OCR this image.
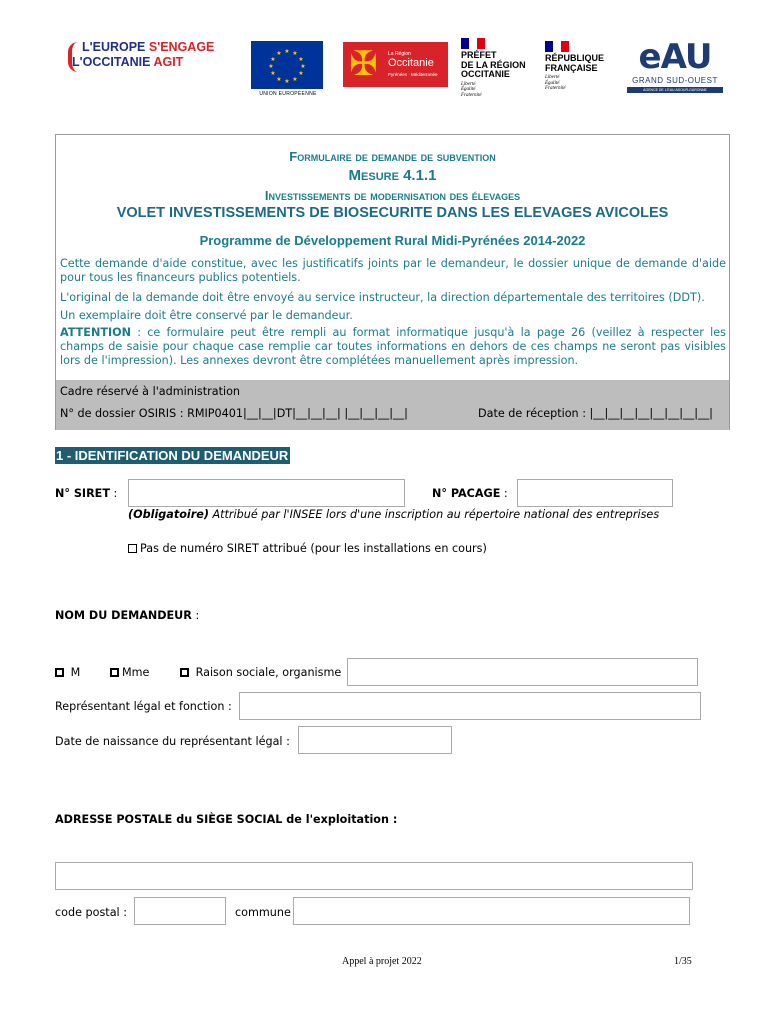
L'EUROPE S'ENGAGE
L'OCCITANIE AGIT
★ ★
★
★
★
★
★
★
★
★
★
★
UNION EUROPÉENNE
✠ La Région
Occitanie
Pyrénées · Méditerranée
PRÉFET
DE LA RÉGION
OCCITANIE
Liberté
Égalité
Fraternité
RÉPUBLIQUE
FRANÇAISE
Liberté
Égalité
Fraternité
eAU
GRAND SUD-OUEST
AGENCE DE L'EAU ADOUR-GARONNE
Formulaire de demande de subvention
Mesure 4.1.1
Investissements de modernisation des élevages
VOLET INVESTISSEMENTS DE BIOSECURITE DANS LES ELEVAGES AVICOLES
Programme de Développement Rural Midi-Pyrénées 2014-2022
Cette demande d'aide constitue, avec les justificatifs joints par le demandeur, le dossier unique de demande d'aide pour tous les financeurs publics potentiels.
L'original de la demande doit être envoyé au service instructeur, la direction départementale des territoires (DDT).
Un exemplaire doit être conservé par le demandeur.
ATTENTION : ce formulaire peut être rempli au format informatique jusqu'à la page 26 (veillez à respecter les champs de saisie pour chaque case remplie car toutes informations en dehors de ces champs ne seront pas visibles lors de l'impression). Les annexes devront être complétées manuellement après impression.
Cadre réservé à l'administration
N° de dossier OSIRIS : RMIP0401|__|__|DT|__|__|__| |__|__|__|__|	Date de réception : |__|__|__|__|__|__|__|__|
1 - IDENTIFICATION DU DEMANDEUR
N° SIRET :	N° PACAGE :
(Obligatoire) Attribué par l'INSEE lors d'une inscription au répertoire national des entreprises
Pas de numéro SIRET attribué (pour les installations en cours)
NOM DU DEMANDEUR :
M	Mme	Raison sociale, organisme
Représentant légal et fonction :
Date de naissance du représentant légal :
ADRESSE POSTALE du SIÈGE SOCIAL de l'exploitation :
code postal :	commune
Appel à projet 2022	1/35
